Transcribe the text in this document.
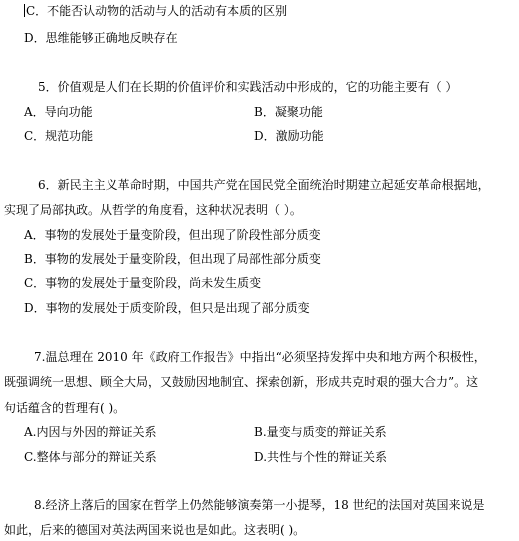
C．不能否认动物的活动与人的活动有本质的区别
D．思维能够正确地反映存在
5．价值观是人们在长期的价值评价和实践活动中形成的，它的功能主要有（ ）
A．导向功能	B．凝聚功能
C．规范功能	D．激励功能
6．新民主主义革命时期，中国共产党在国民党全面统治时期建立起延安革命根据地，
实现了局部执政。从哲学的角度看，这种状况表明（ ）。
A．事物的发展处于量变阶段，但出现了阶段性部分质变
B．事物的发展处于量变阶段，但出现了局部性部分质变
C．事物的发展处于量变阶段，尚未发生质变
D．事物的发展处于质变阶段，但只是出现了部分质变
7.温总理在 2010 年《政府工作报告》中指出“必须坚持发挥中央和地方两个积极性，
既强调统一思想、顾全大局，又鼓励因地制宜、探索创新，形成共克时艰的强大合力”。这
句话蕴含的哲理有( )。
A.内因与外因的辩证关系	B.量变与质变的辩证关系
C.整体与部分的辩证关系	D.共性与个性的辩证关系
8.经济上落后的国家在哲学上仍然能够演奏第一小提琴，18 世纪的法国对英国来说是
如此，后来的德国对英法两国来说也是如此。这表明( )。
